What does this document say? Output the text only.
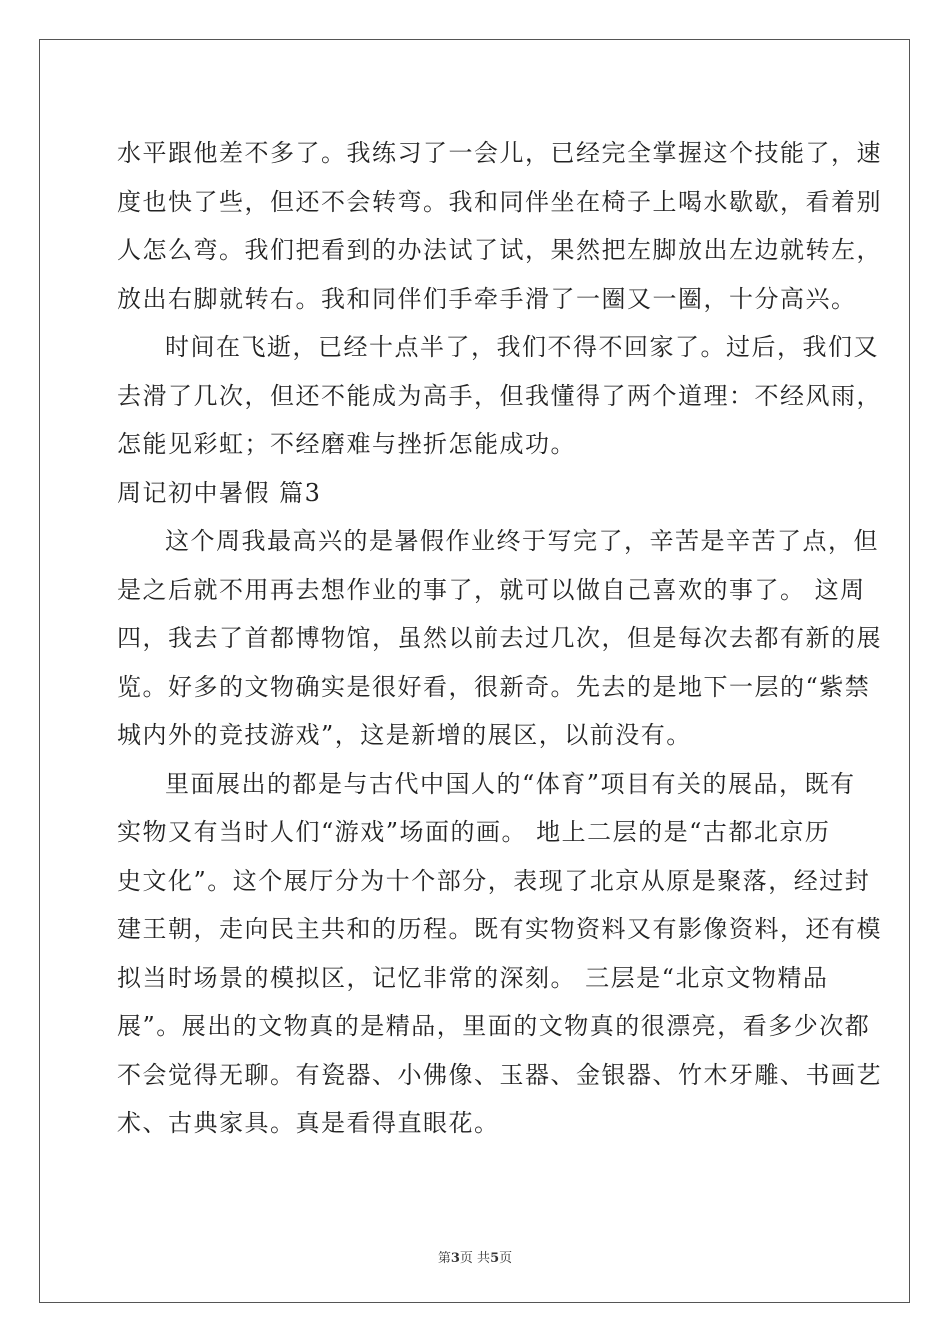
水平跟他差不多了。我练习了一会儿，已经完全掌握这个技能了，速
度也快了些，但还不会转弯。我和同伴坐在椅子上喝水歇歇，看着别
人怎么弯。我们把看到的办法试了试，果然把左脚放出左边就转左，
放出右脚就转右。我和同伴们手牵手滑了一圈又一圈，十分高兴。
时间在飞逝，已经十点半了，我们不得不回家了。过后，我们又
去滑了几次，但还不能成为高手，但我懂得了两个道理：不经风雨，
怎能见彩虹；不经磨难与挫折怎能成功。
周记初中暑假 篇3
这个周我最高兴的是暑假作业终于写完了，辛苦是辛苦了点，但
是之后就不用再去想作业的事了，就可以做自己喜欢的事了。 这周
四，我去了首都博物馆，虽然以前去过几次，但是每次去都有新的展
览。好多的文物确实是很好看，很新奇。先去的是地下一层的“紫禁
城内外的竞技游戏”，这是新增的展区，以前没有。
里面展出的都是与古代中国人的“体育”项目有关的展品，既有
实物又有当时人们“游戏”场面的画。 地上二层的是“古都北京历
史文化”。这个展厅分为十个部分，表现了北京从原是聚落，经过封
建王朝，走向民主共和的历程。既有实物资料又有影像资料，还有模
拟当时场景的模拟区，记忆非常的深刻。 三层是“北京文物精品
展”。展出的文物真的是精品，里面的文物真的很漂亮，看多少次都
不会觉得无聊。有瓷器、小佛像、玉器、金银器、竹木牙雕、书画艺
术、古典家具。真是看得直眼花。
第3页 共5页
